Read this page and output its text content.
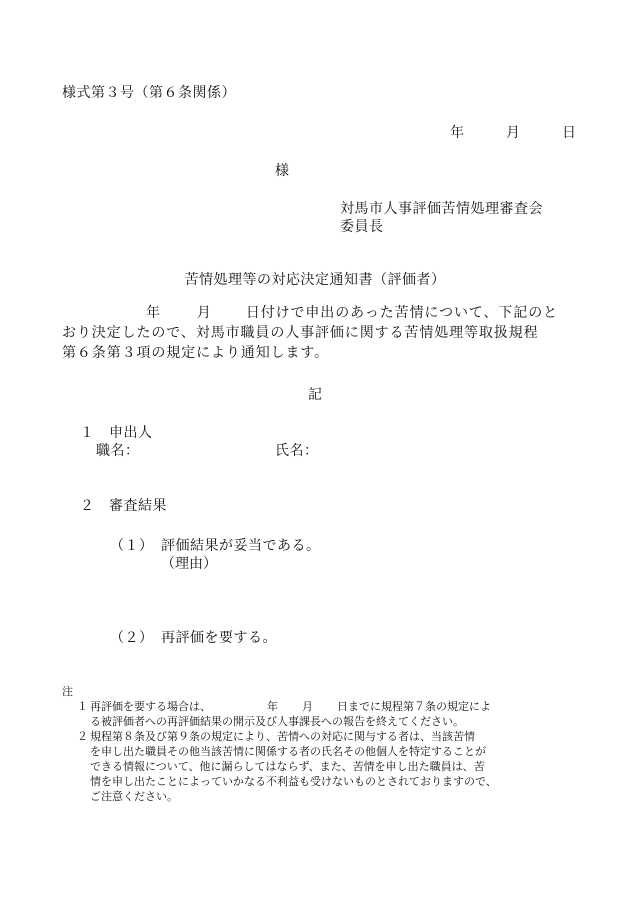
様式第３号（第６条関係）
年	月	日
様
対馬市人事評価苦情処理審査会
委員長
苦情処理等の対応決定通知書（評価者）
年	月 日付けで申出のあった苦情について、下記のと
おり決定したので、対馬市職員の人事評価に関する苦情処理等取扱規程
第６条第３項の規定により通知します。
記
１　申出人
職名：	氏名：
２　審査結果
（１）　評価結果が妥当である。
（理由）
（２）　再評価を要する。
注
１ 再評価を要する場合は、	年 月 日までに規程第７条の規定によ
る被評価者への再評価結果の開示及び人事課長への報告を終えてください。
２ 規程第８条及び第９条の規定により、苦情への対応に関与する者は、当該苦情
を申し出た職員その他当該苦情に関係する者の氏名その他個人を特定することが
できる情報について、他に漏らしてはならず、また、苦情を申し出た職員は、苦
情を申し出たことによっていかなる不利益も受けないものとされておりますので、
ご注意ください。
